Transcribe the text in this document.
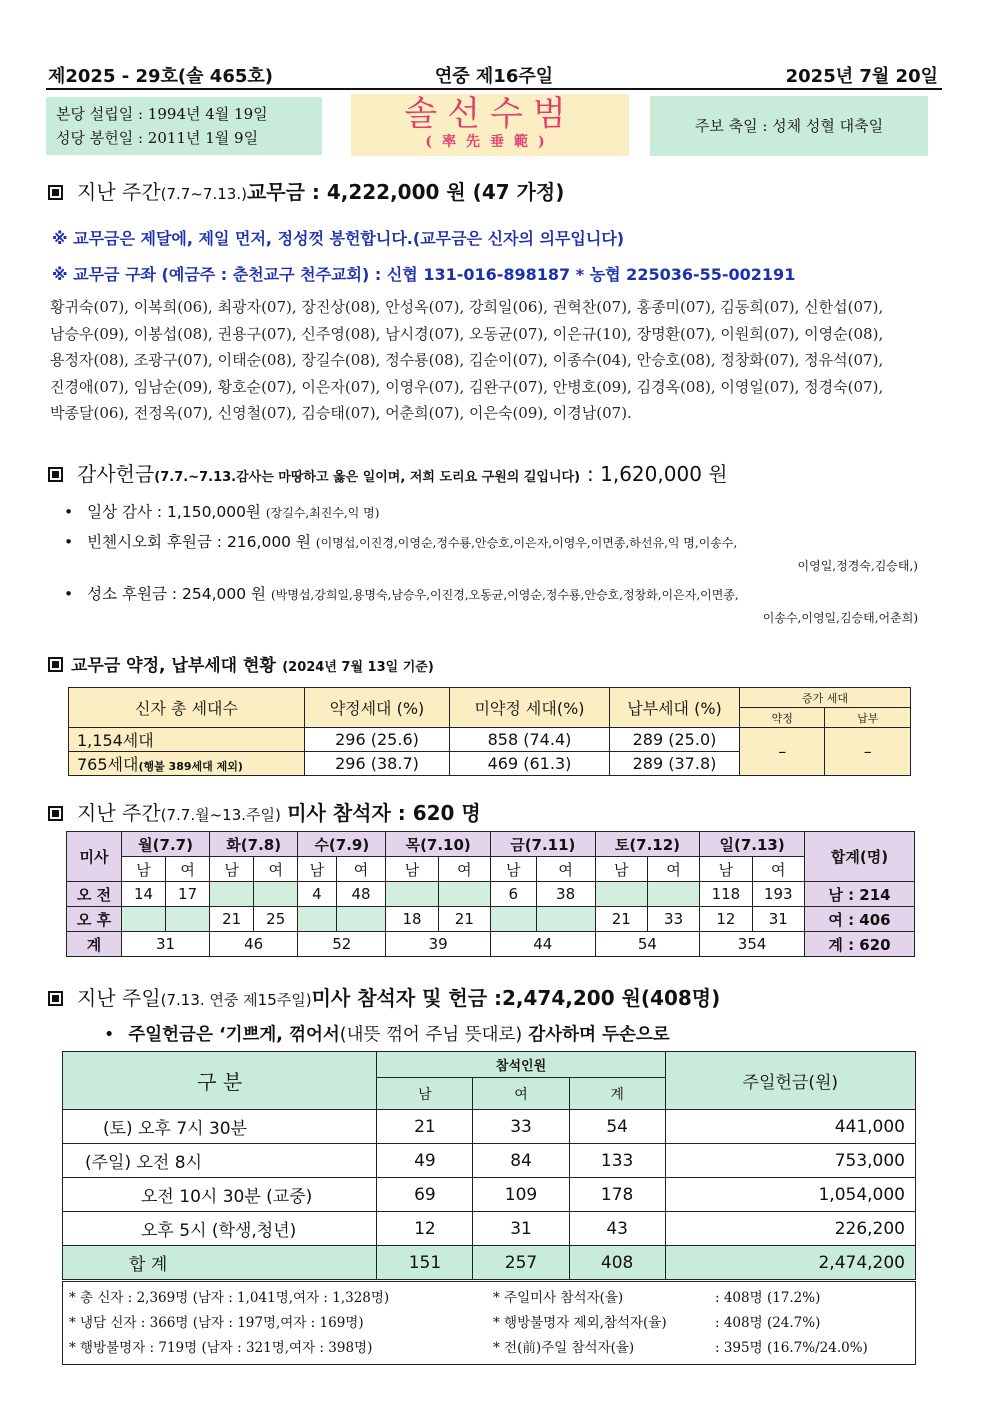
제2025 - 29호(솔 465호)	연중 제16주일	2025년 7월 20일
본당 설립일 : 1994년 4월 19일
성당 봉헌일 : 2011년 1월 9일
솔선수범
(率先垂範)
주보 축일 : 성체 성혈 대축일
지난 주간(7.7~7.13.)교무금 : 4,222,000 원 (47 가정)
※ 교무금은 제달에, 제일 먼저, 정성껏 봉헌합니다.(교무금은 신자의 의무입니다)
※ 교무금 구좌 (예금주 : 춘천교구 천주교회) : 신협 131-016-898187 * 농협 225036-55-002191
황귀숙(07), 이복희(06), 최광자(07), 장진상(08), 안성옥(07), 강희일(06), 권혁찬(07), 홍종미(07), 김동희(07), 신한섭(07),
남승우(09), 이봉섭(08), 권용구(07), 신주영(08), 남시경(07), 오동균(07), 이은규(10), 장명환(07), 이원희(07), 이영순(08),
용정자(08), 조광구(07), 이태순(08), 장길수(08), 정수룡(08), 김순이(07), 이종수(04), 안승호(08), 정창화(07), 정유석(07),
진경애(07), 임남순(09), 황호순(07), 이은자(07), 이영우(07), 김완구(07), 안병호(09), 김경옥(08), 이영일(07), 정경숙(07),
박종달(06), 전정옥(07), 신영철(07), 김승태(07), 어춘희(07), 이은숙(09), 이경남(07).
감사헌금(7.7.~7.13.감사는 마땅하고 옳은 일이며, 저희 도리요 구원의 길입니다) : 1,620,000 원
• 일상 감사 : 1,150,000원 (장길수,최진수,익 명)
• 빈첸시오회 후원금 : 216,000 원 (이명섭,이진경,이영순,정수룡,안승호,이은자,이영우,이면종,하선유,익 명,이송수,
이영일,정경숙,김승태,)
• 성소 후원금 : 254,000 원 (박명섭,강희일,용명숙,남승우,이진경,오동균,이영순,정수룡,안승호,정창화,이은자,이면종,
이송수,이영일,김승태,어춘희)
교무금 약정, 납부세대 현황 (2024년 7월 13일 기준)
신자 총 세대수	약정세대 (%)	미약정 세대(%)	납부세대 (%)	증가 세대	
				약정	납부
1,154세대	296 (25.6)	858 (74.4)	289 (25.0)	–	–
765세대(행불 389세대 제외)	296 (38.7)	469 (61.3)	289 (37.8)		
지난 주간(7.7.월~13.주일) 미사 참석자 : 620 명
미사	월(7.7)		화(7.8)		수(7.9)		목(7.10)		금(7.11)		토(7.12)		일(7.13)		합계(명)
	남	여	남	여	남	여	남	여	남	여	남	여	남	여	
오 전	14	17			4	48			6	38			118	193	남 : 214
오 후			21	25			18	21			21	33	12	31	여 : 406
계	31		46		52		39		44		54		354		계 : 620
지난 주일(7.13. 연중 제15주일)미사 참석자 및 헌금 :2,474,200 원(408명)
• 주일헌금은 ‘기쁘게, 꺾어서(내뜻 꺾어 주님 뜻대로) 감사하며 두손으로
구 분	참석인원			주일헌금(원)
	남	여	계	
(토) 오후 7시 30분	21	33	54	441,000
(주일) 오전 8시	49	84	133	753,000
오전 10시 30분 (교중)	69	109	178	1,054,000
오후 5시 (학생,청년)	12	31	43	226,200
합 계	151	257	408	2,474,200
* 총 신자 : 2,369명 (남자 : 1,041명,여자 : 1,328명)	* 주일미사 참석자(율)	: 408명 (17.2%)
* 냉담 신자 : 366명 (남자 : 197명,여자 : 169명)	* 행방불명자 제외,참석자(율)	: 408명 (24.7%)
* 행방불명자 : 719명 (남자 : 321명,여자 : 398명)	* 전(前)주일 참석자(율)	: 395명 (16.7%/24.0%)
